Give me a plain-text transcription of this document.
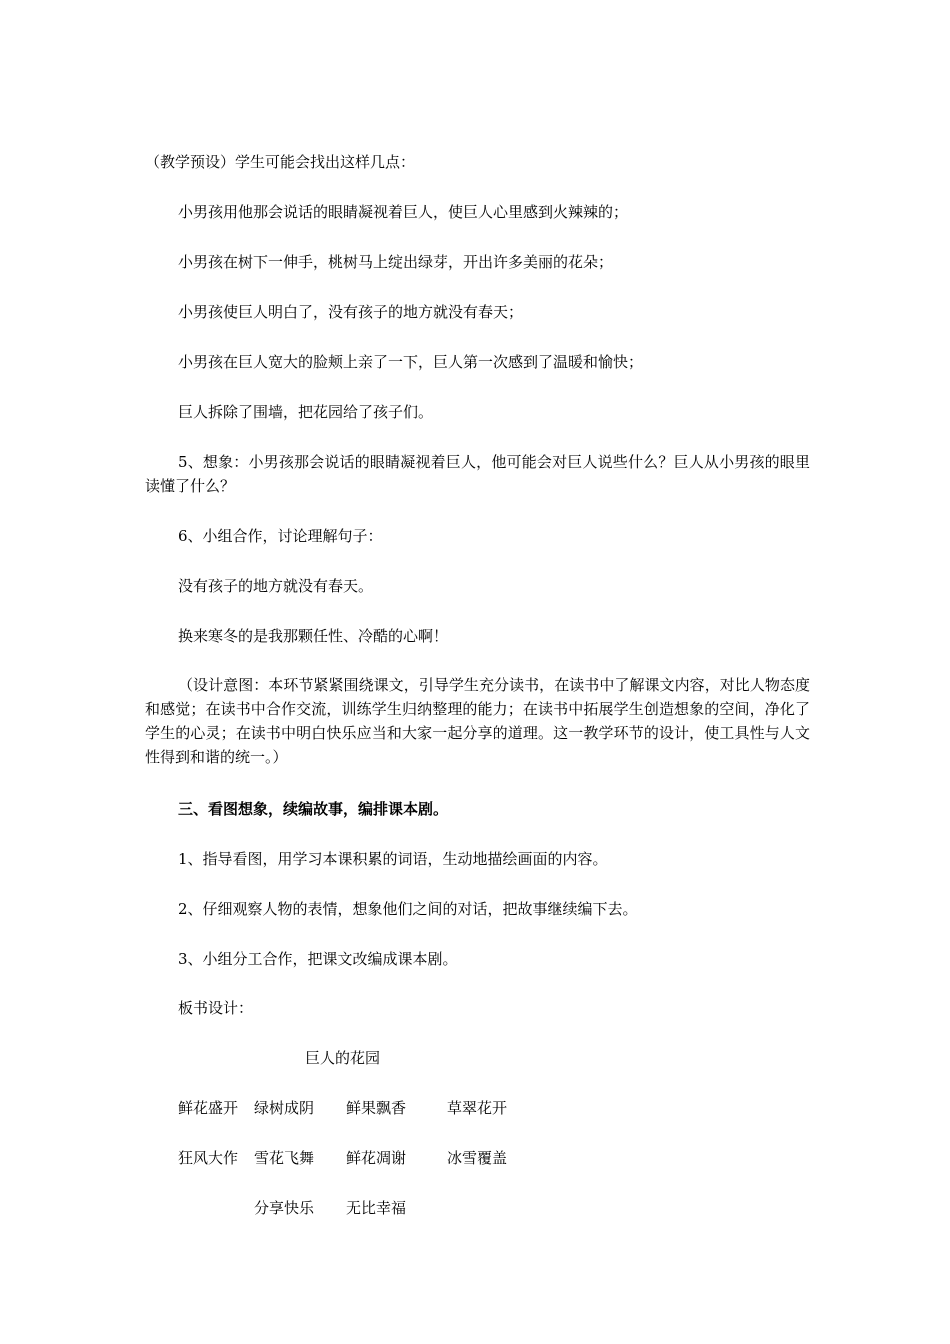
（教学预设）学生可能会找出这样几点：
小男孩用他那会说话的眼睛凝视着巨人，使巨人心里感到火辣辣的；
小男孩在树下一伸手，桃树马上绽出绿芽，开出许多美丽的花朵；
小男孩使巨人明白了，没有孩子的地方就没有春天；
小男孩在巨人宽大的脸颊上亲了一下，巨人第一次感到了温暖和愉快；
巨人拆除了围墙，把花园给了孩子们。
5、想象：小男孩那会说话的眼睛凝视着巨人，他可能会对巨人说些什么？巨人从小男孩的眼里读懂了什么？
6、小组合作，讨论理解句子：
没有孩子的地方就没有春天。
换来寒冬的是我那颗任性、冷酷的心啊！
（设计意图：本环节紧紧围绕课文，引导学生充分读书，在读书中了解课文内容，对比人物态度和感觉；在读书中合作交流，训练学生归纳整理的能力；在读书中拓展学生创造想象的空间，净化了学生的心灵；在读书中明白快乐应当和大家一起分享的道理。这一教学环节的设计，使工具性与人文性得到和谐的统一。）
三、看图想象，续编故事，编排课本剧。
1、指导看图，用学习本课积累的词语，生动地描绘画面的内容。
2、仔细观察人物的表情，想象他们之间的对话，把故事继续编下去。
3、小组分工合作，把课文改编成课本剧。
板书设计：
巨人的花园
鲜花盛开 绿树成阴 鲜果飘香	草翠花开
狂风大作 雪花飞舞 鲜花凋谢	冰雪覆盖
分享快乐 无比幸福
